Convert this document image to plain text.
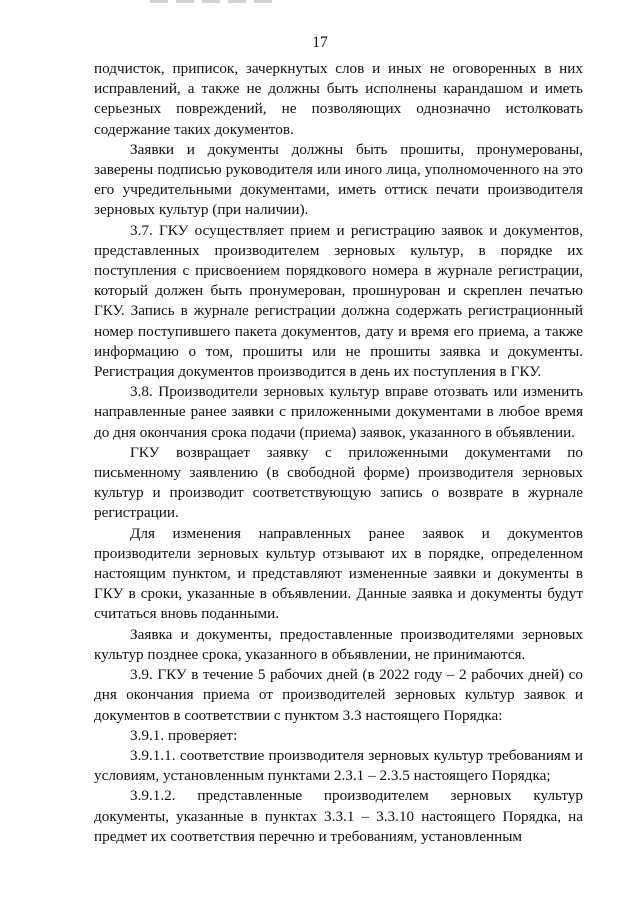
17

подчисток, приписок, зачеркнутых слов и иных не оговоренных в них исправлений, а также не должны быть исполнены карандашом и иметь серьезных повреждений, не позволяющих однозначно истолковать содержание таких документов.

Заявки и документы должны быть прошиты, пронумерованы, заверены подписью руководителя или иного лица, уполномоченного на это его учредительными документами, иметь оттиск печати производителя зерновых культур (при наличии).

3.7. ГКУ осуществляет прием и регистрацию заявок и документов, представленных производителем зерновых культур, в порядке их поступления с присвоением порядкового номера в журнале регистрации, который должен быть пронумерован, прошнурован и скреплен печатью ГКУ. Запись в журнале регистрации должна содержать регистрационный номер поступившего пакета документов, дату и время его приема, а также информацию о том, прошиты или не прошиты заявка и документы. Регистрация документов производится в день их поступления в ГКУ.

3.8. Производители зерновых культур вправе отозвать или изменить направленные ранее заявки с приложенными документами в любое время до дня окончания срока подачи (приема) заявок, указанного в объявлении.

ГКУ возвращает заявку с приложенными документами по письменному заявлению (в свободной форме) производителя зерновых культур и производит соответствующую запись о возврате в журнале регистрации.

Для изменения направленных ранее заявок и документов производители зерновых культур отзывают их в порядке, определенном настоящим пунктом, и представляют измененные заявки и документы в ГКУ в сроки, указанные в объявлении. Данные заявка и документы будут считаться вновь поданными.

Заявка и документы, предоставленные производителями зерновых культур позднее срока, указанного в объявлении, не принимаются.

3.9. ГКУ в течение 5 рабочих дней (в 2022 году – 2 рабочих дней) со дня окончания приема от производителей зерновых культур заявок и документов в соответствии с пунктом 3.3 настоящего Порядка:

3.9.1. проверяет:

3.9.1.1. соответствие производителя зерновых культур требованиям и условиям, установленным пунктами 2.3.1 – 2.3.5 настоящего Порядка;

3.9.1.2. представленные производителем зерновых культур документы, указанные в пунктах 3.3.1 – 3.3.10 настоящего Порядка, на предмет их соответствия перечню и требованиям, установленным
